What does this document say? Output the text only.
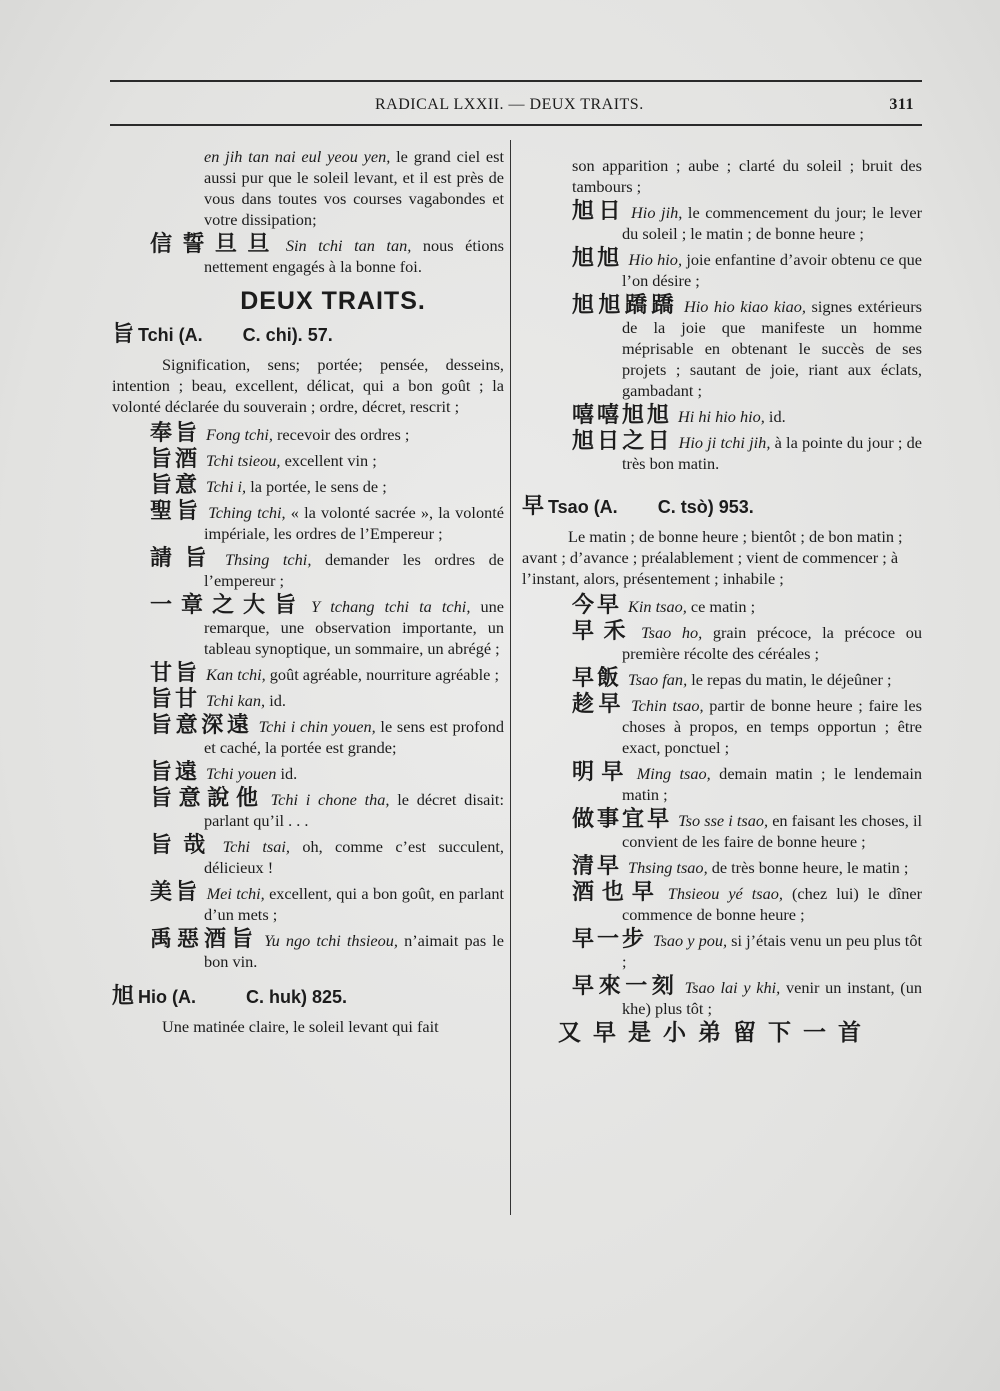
RADICAL LXXII. — DEUX TRAITS.	311

en jih tan nai eul yeou yen, le grand ciel est aussi pur que le soleil levant, et il est près de vous dans toutes vos courses vagabondes et votre dissipation;

信誓旦旦 Sin tchi tan tan, nous étions nettement engagés à la bonne foi.

DEUX TRAITS.
旨 Tchi (A.        C. chi). 57.

Signification, sens; portée; pensée, desseins, intention ; beau, excellent, délicat, qui a bon goût ; la volonté déclarée du souverain ; ordre, décret, rescrit ;

奉旨 Fong tchi, recevoir des ordres ;

旨酒 Tchi tsieou, excellent vin ;

旨意 Tchi i, la portée, le sens de ;

聖旨 Tching tchi, « la volonté sacrée », la volonté impériale, les ordres de l’Empereur ;

請旨 Thsing tchi, demander les ordres de l’empereur ;

一章之大旨 Y tchang tchi ta tchi, une remarque, une observation importante, un tableau synoptique, un sommaire, un abrégé ;

甘旨 Kan tchi, goût agréable, nourriture agréable ;

旨甘 Tchi kan, id.

旨意深遠 Tchi i chin youen, le sens est profond et caché, la portée est grande;

旨遠 Tchi youen id.

旨意說他 Tchi i chone tha, le décret disait: parlant qu’il . . .

旨哉 Tchi tsai, oh, comme c’est succulent, délicieux !

美旨 Mei tchi, excellent, qui a bon goût, en parlant d’un mets ;

禹惡酒旨 Yu ngo tchi thsieou, n’aimait pas le bon vin.

旭 Hio (A.          C. huk) 825.

Une matinée claire, le soleil levant qui fait

son apparition ; aube ; clarté du soleil ; bruit des tambours ;

旭日 Hio jih, le commencement du jour; le lever du soleil ; le matin ; de bonne heure ;

旭旭 Hio hio, joie enfantine d’avoir obtenu ce que l’on désire ;

旭旭蹻蹻 Hio hio kiao kiao, signes extérieurs de la joie que manifeste un homme méprisable en obtenant le succès de ses projets ; sautant de joie, riant aux éclats, gambadant ;

嘻嘻旭旭 Hi hi hio hio, id.

旭日之日 Hio ji tchi jih, à la pointe du jour ; de très bon matin.

早 Tsao (A.        C. tsò) 953.

Le matin ; de bonne heure ; bientôt ; de bon matin ; avant ; d’avance ; préalablement ; vient de commencer ; à l’instant, alors, présentement ; inhabile ;

今早 Kin tsao, ce matin ;

早禾 Tsao ho, grain précoce, la précoce ou première récolte des céréales ;

早飯 Tsao fan, le repas du matin, le déjeûner ;

趁早 Tchin tsao, partir de bonne heure ; faire les choses à propos, en temps opportun ; être exact, ponctuel ;

明早 Ming tsao, demain matin ; le lendemain matin ;

做事宜早 Tso sse i tsao, en faisant les choses, il convient de les faire de bonne heure ;

清早 Thsing tsao, de très bonne heure, le matin ;

酒也早 Thsieou yé tsao, (chez lui) le dîner commence de bonne heure ;

早一步 Tsao y pou, si j’étais venu un peu plus tôt ;

早來一刻 Tsao lai y khi, venir un instant, (un khe) plus tôt ;

又早是小弟留下一首
